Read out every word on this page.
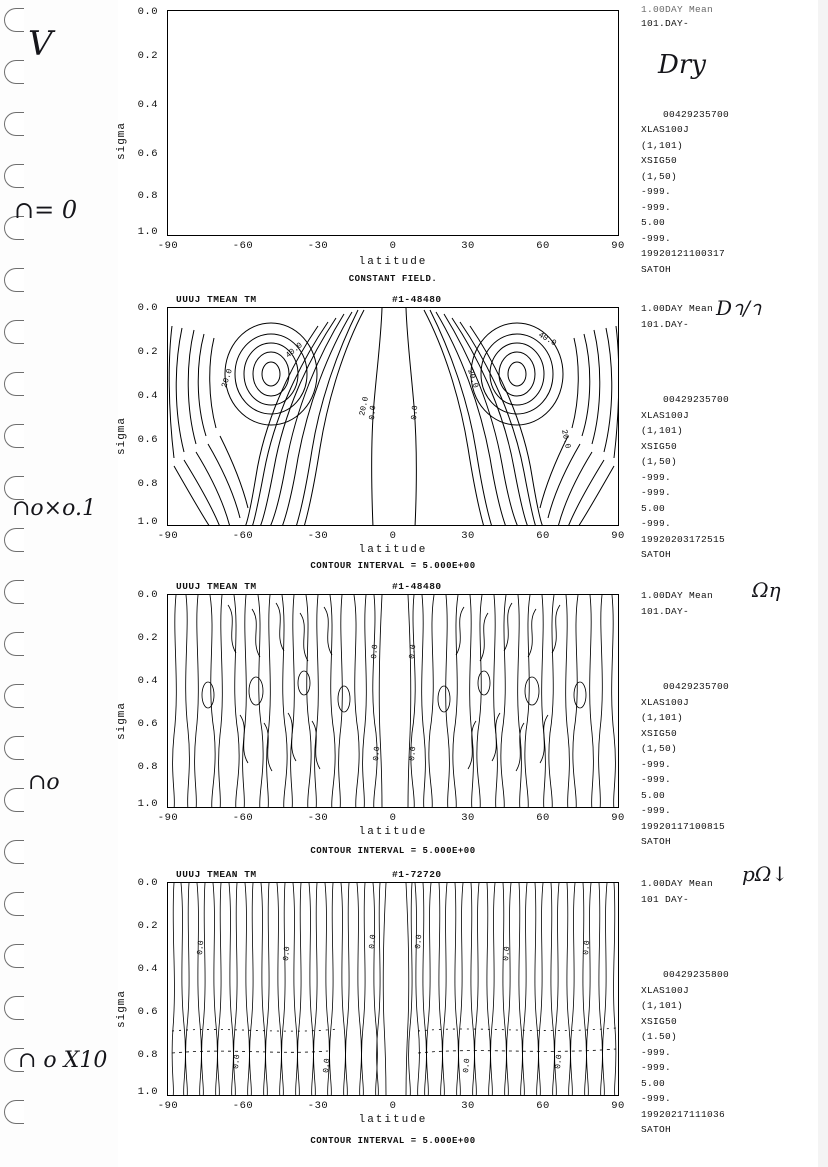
V
∩= 0
∩o×o.1
∩o
∩ o X10
Dry
Dา/า
Ωη
pΩ↓
1.00DAY Mean
sigma
0.0
0.2
0.4
0.6
0.8
1.0
-90	-60	-30	0	30	60	90
latitude
CONSTANT FIELD.
101.DAY-
00429235700
XLAS100J
(1,101)
XSIG50
(1,50)
-999.
-999.
5.00
-999.
19920121100317
SATOH
UUUJ TMEAN TM	#1-48480
sigma
0.0
0.2
0.4
0.6
0.8
1.0
20.0
40.0
20.0
20.0
40.0
20.0
0.0	0.0
-90	-60	-30	0	30	60	90
latitude
CONTOUR INTERVAL = 5.000E+00
1.00DAY Mean
101.DAY-
00429235700
XLAS100J
(1,101)
XSIG50
(1,50)
-999.
-999.
5.00
-999.
19920203172515
SATOH
UUUJ TMEAN TM	#1-48480
sigma
0.0
0.2
0.4
0.6
0.8
1.0
0.0	0.0
0.0	0.0
-90	-60	-30	0	30	60	90
latitude
CONTOUR INTERVAL = 5.000E+00
1.00DAY Mean
101.DAY-
00429235700
XLAS100J
(1,101)
XSIG50
(1,50)
-999.
-999.
5.00
-999.
19920117100815
SATOH
UUUJ TMEAN TM	#1-72720
sigma
0.0
0.2
0.4
0.6
0.8
1.0
0.0	0.0
0.0	0.0
0.0	0.0
0.0	0.0	0.0	0.0
-90	-60	-30	0	30	60	90
latitude
CONTOUR INTERVAL = 5.000E+00
1.00DAY Mean
101 DAY-
00429235800
XLAS100J
(1,101)
XSIG50
(1.50)
-999.
-999.
5.00
-999.
19920217111036
SATOH
